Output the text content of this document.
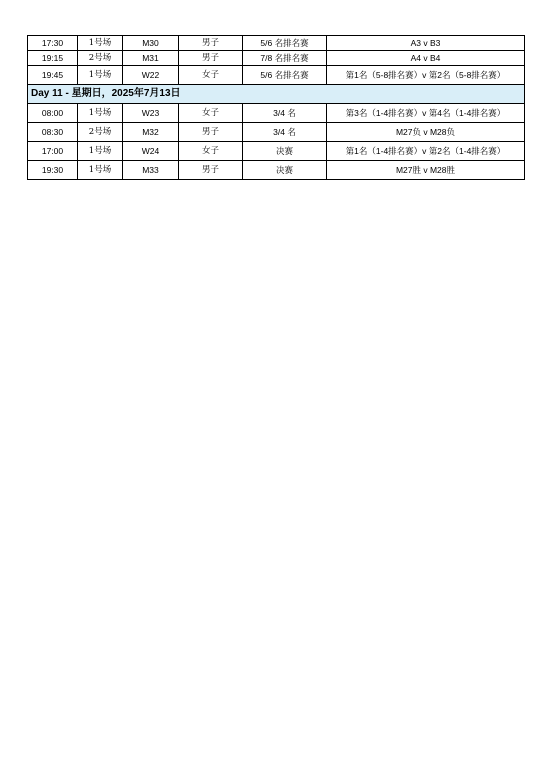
17:30	1号场	M30	男子	5/6 名排名赛	A3 v B3
19:15	2号场	M31	男子	7/8 名排名赛	A4 v B4
19:45	1号场	W22	女子	5/6 名排名赛	第1名（5-8排名赛）v 第2名（5-8排名赛）
Day 11 - 星期日，2025年7月13日					
08:00	1号场	W23	女子	3/4 名	第3名（1-4排名赛）v 第4名（1-4排名赛）
08:30	2号场	M32	男子	3/4 名	M27负 v M28负
17:00	1号场	W24	女子	决赛	第1名（1-4排名赛）v 第2名（1-4排名赛）
19:30	1号场	M33	男子	决赛	M27胜 v M28胜
